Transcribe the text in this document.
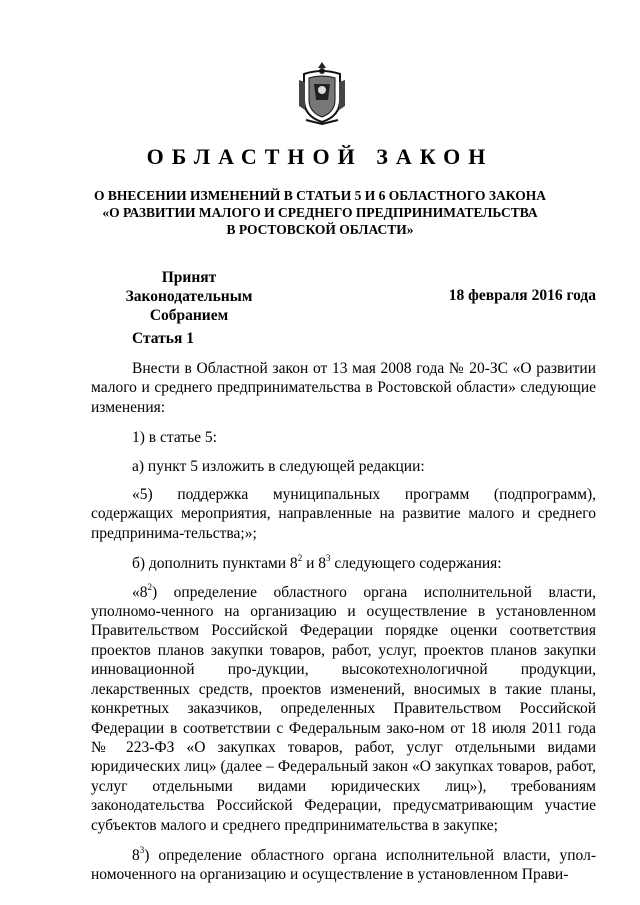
ОБЛАСТНОЙ ЗАКОН
О ВНЕСЕНИИ ИЗМЕНЕНИЙ В СТАТЬИ 5 И 6 ОБЛАСТНОГО ЗАКОНА
«О РАЗВИТИИ МАЛОГО И СРЕДНЕГО ПРЕДПРИНИМАТЕЛЬСТВА
В РОСТОВСКОЙ ОБЛАСТИ»
Принят
Законодательным Собранием
18 февраля 2016 года
Статья 1

Внести в Областной закон от 13 мая 2008 года № 20-ЗС «О развитии малого и среднего предпринимательства в Ростовской области» следующие изменения:

1) в статье 5:

а) пункт 5 изложить в следующей редакции:

«5) поддержка муниципальных программ (подпрограмм), содержащих мероприятия, направленные на развитие малого и среднего предпринима-тельства;»;

б) дополнить пунктами $8^2$ и $8^3$ следующего содержания:

«$8^2$) определение областного органа исполнительной власти, уполномо-ченного на организацию и осуществление в установленном Правительством Российской Федерации порядке оценки соответствия проектов планов закупки товаров, работ, услуг, проектов планов закупки инновационной про-дукции, высокотехнологичной продукции, лекарственных средств, проектов изменений, вносимых в такие планы, конкретных заказчиков, определенных Правительством Российской Федерации в соответствии с Федеральным зако-ном от 18 июля 2011 года № 223-ФЗ «О закупках товаров, работ, услуг отдельными видами юридических лиц» (далее – Федеральный закон «О закупках товаров, работ, услуг отдельными видами юридических лиц»), требованиям законодательства Российской Федерации, предусматривающим участие субъектов малого и среднего предпринимательства в закупке;

$8^3$) определение областного органа исполнительной власти, упол-номоченного на организацию и осуществление в установленном Прави-
